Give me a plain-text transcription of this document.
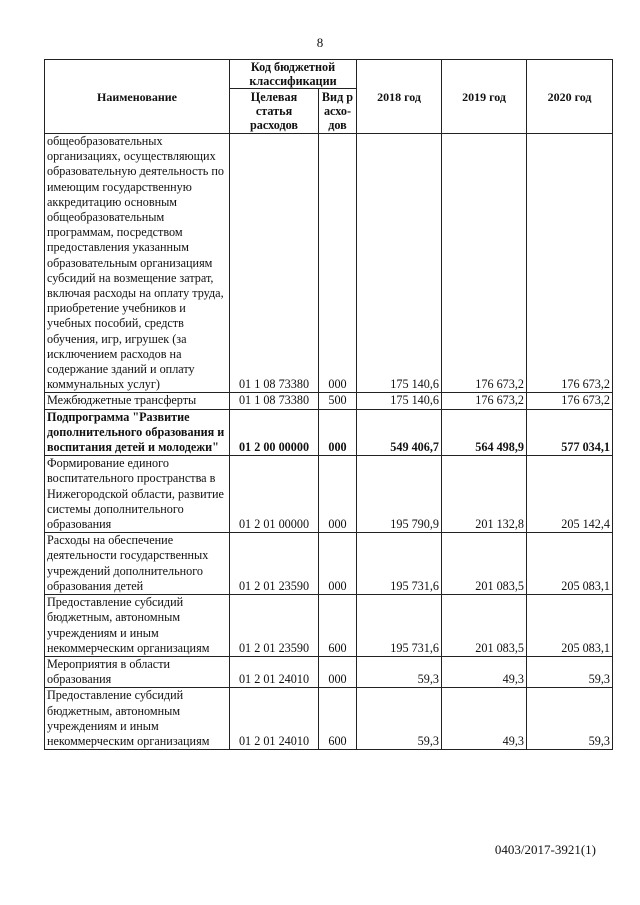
8
Наименование	Код бюджетной классификации		2018 год	2019 год	2020 год
	Целевая статья расходов	Вид расхо-дов			
общеобразовательных организациях, осуществляющих образовательную деятельность по имеющим государственную аккредитацию основным общеобразовательным программам, посредством предоставления указанным образовательным организациям субсидий на возмещение затрат, включая расходы на оплату труда, приобретение учебников и учебных пособий, средств обучения, игр, игрушек (за исключением расходов на содержание зданий и оплату коммунальных услуг)	01 1 08 73380	000	175 140,6	176 673,2	176 673,2
Межбюджетные трансферты	01 1 08 73380	500	175 140,6	176 673,2	176 673,2
Подпрограмма "Развитие дополнительного образования и воспитания детей и молодежи"	01 2 00 00000	000	549 406,7	564 498,9	577 034,1
Формирование единого воспитательного пространства в Нижегородской области, развитие системы дополнительного образования	01 2 01 00000	000	195 790,9	201 132,8	205 142,4
Расходы на обеспечение деятельности государственных учреждений дополнительного образования детей	01 2 01 23590	000	195 731,6	201 083,5	205 083,1
Предоставление субсидий бюджетным, автономным учреждениям и иным некоммерческим организациям	01 2 01 23590	600	195 731,6	201 083,5	205 083,1
Мероприятия в области образования	01 2 01 24010	000	59,3	49,3	59,3
Предоставление субсидий бюджетным, автономным учреждениям и иным некоммерческим организациям	01 2 01 24010	600	59,3	49,3	59,3
0403/2017-3921(1)
